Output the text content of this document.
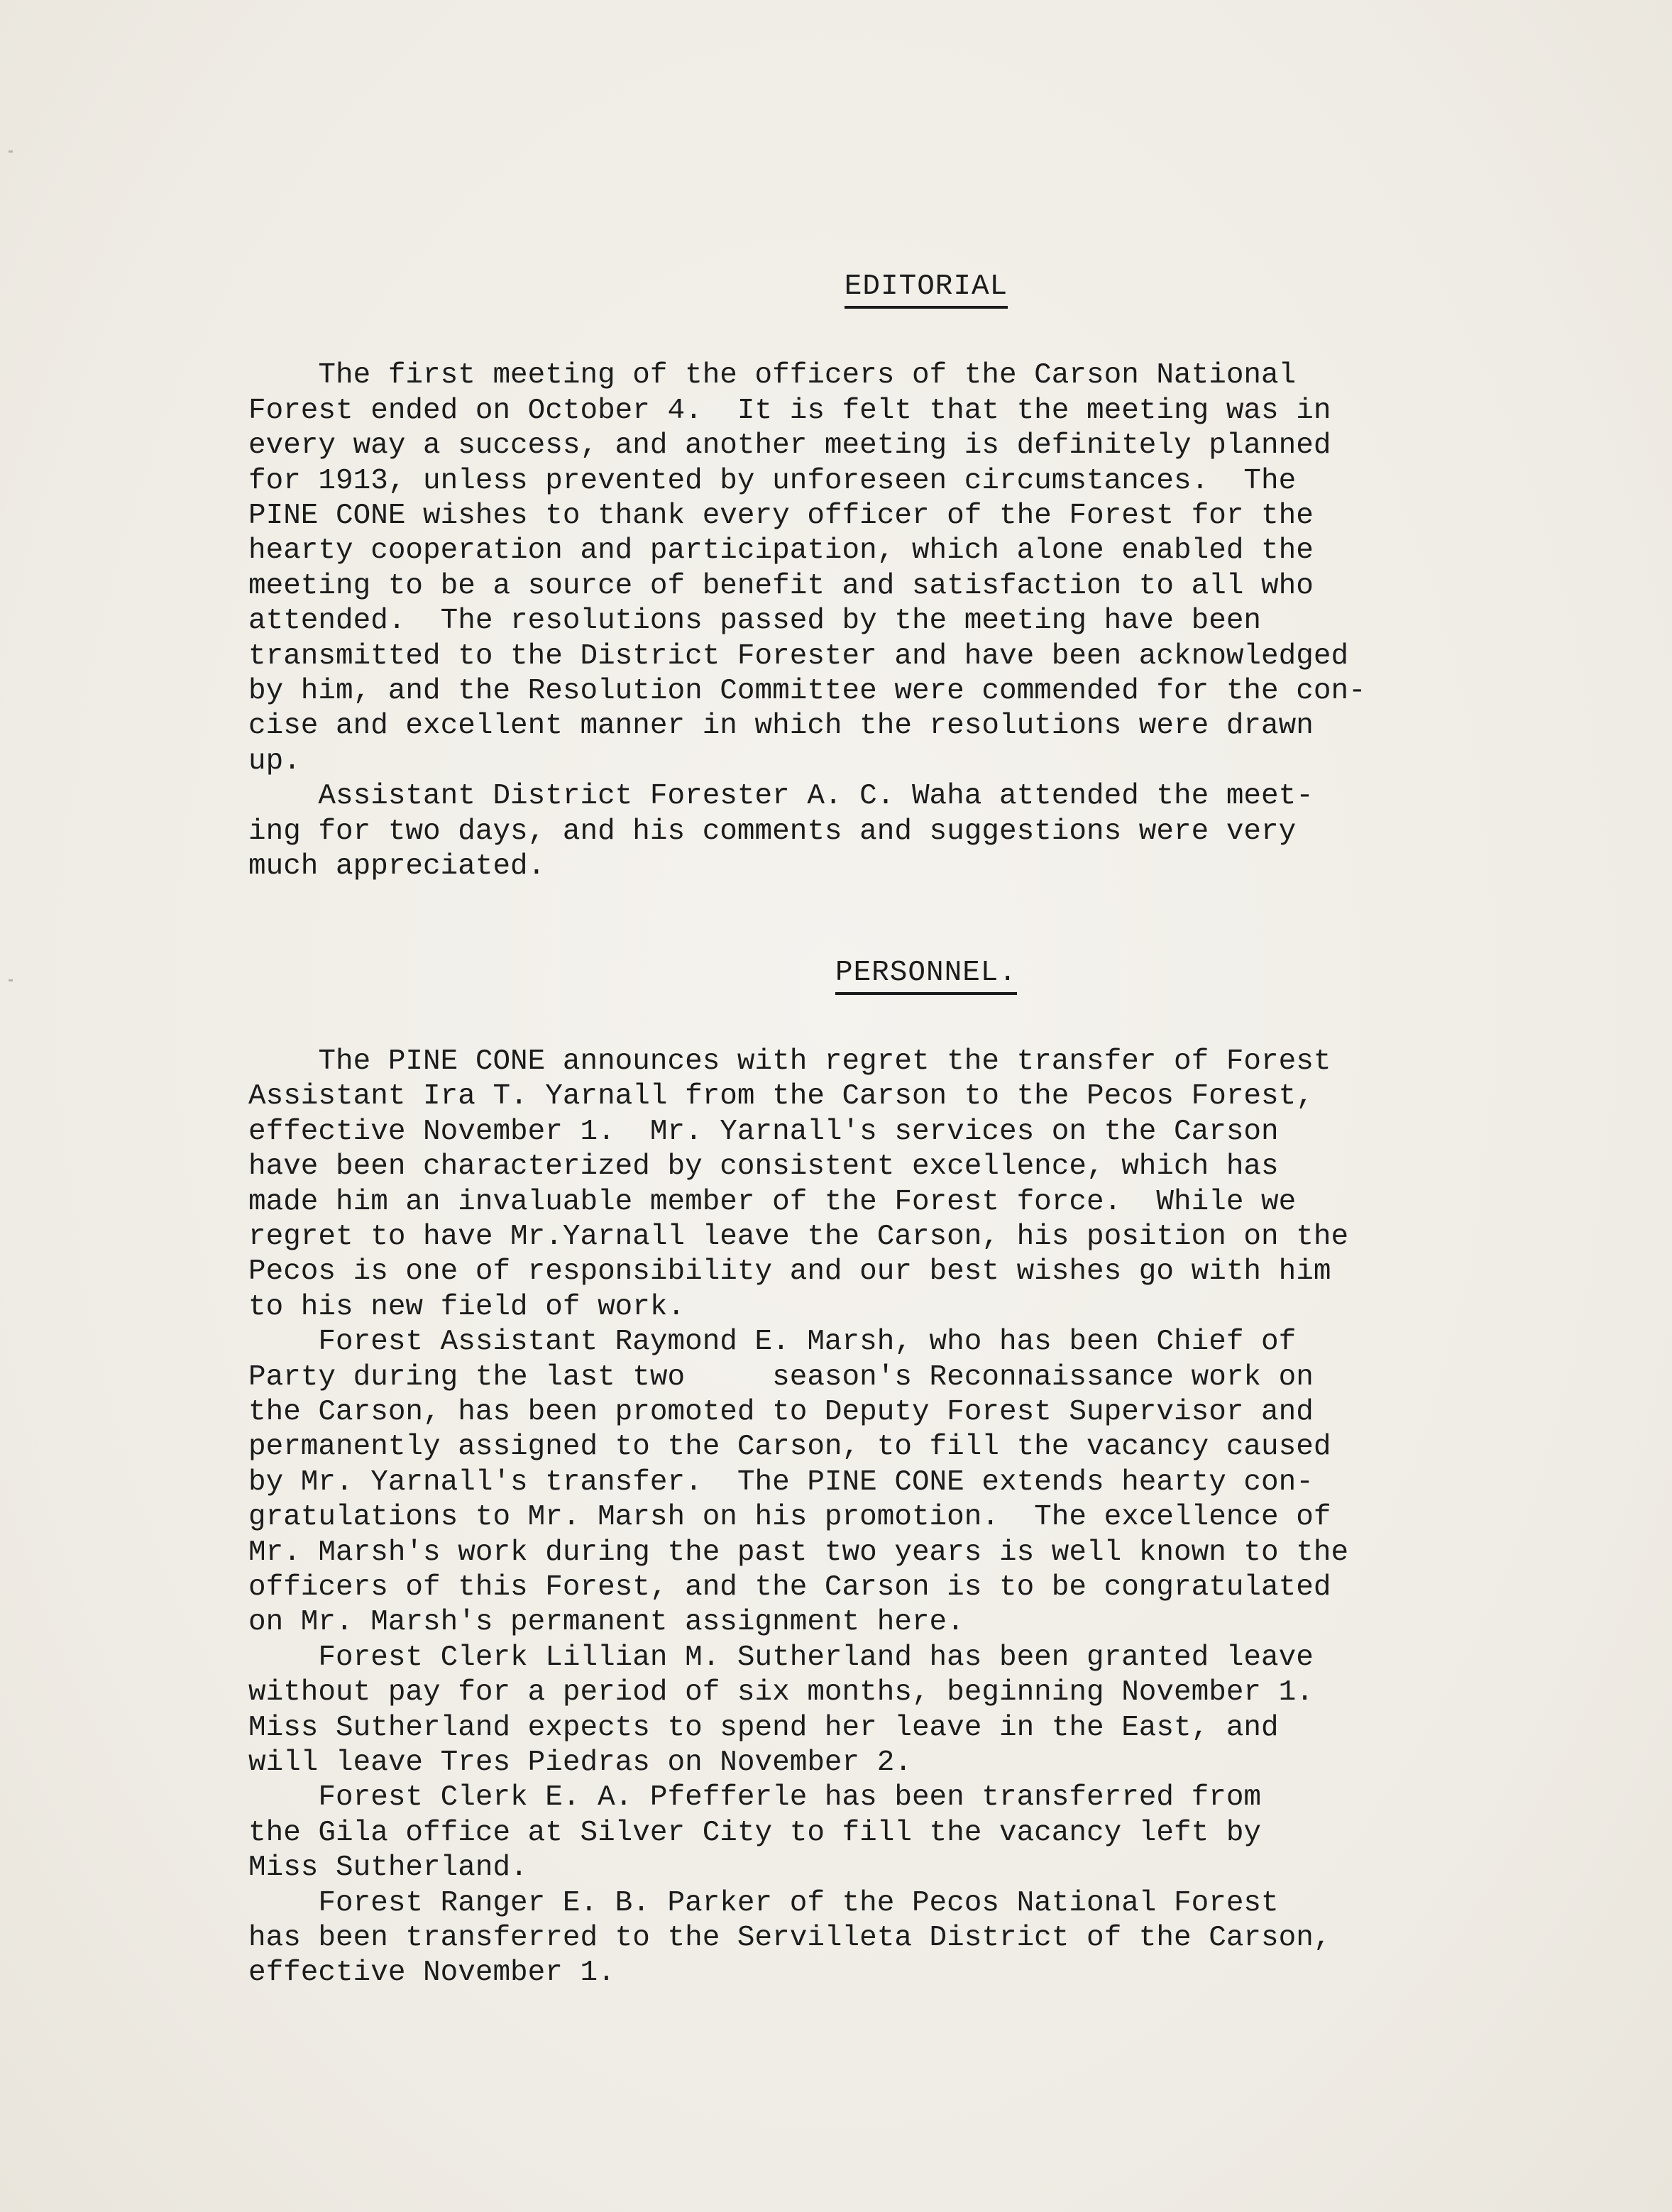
EDITORIAL

The first meeting of the officers of the Carson National
Forest ended on October 4.  It is felt that the meeting was in
every way a success, and another meeting is definitely planned
for 1913, unless prevented by unforeseen circumstances.  The
PINE CONE wishes to thank every officer of the Forest for the
hearty cooperation and participation, which alone enabled the
meeting to be a source of benefit and satisfaction to all who
attended.  The resolutions passed by the meeting have been
transmitted to the District Forester and have been acknowledged
by him, and the Resolution Committee were commended for the con-
cise and excellent manner in which the resolutions were drawn
up.

Assistant District Forester A. C. Waha attended the meet-
ing for two days, and his comments and suggestions were very
much appreciated.

PERSONNEL.

The PINE CONE announces with regret the transfer of Forest
Assistant Ira T. Yarnall from the Carson to the Pecos Forest,
effective November 1.  Mr. Yarnall's services on the Carson
have been characterized by consistent excellence, which has
made him an invaluable member of the Forest force.  While we
regret to have Mr.Yarnall leave the Carson, his position on the
Pecos is one of responsibility and our best wishes go with him
to his new field of work.

Forest Assistant Raymond E. Marsh, who has been Chief of
Party during the last two     season's Reconnaissance work on
the Carson, has been promoted to Deputy Forest Supervisor and
permanently assigned to the Carson, to fill the vacancy caused
by Mr. Yarnall's transfer.  The PINE CONE extends hearty con-
gratulations to Mr. Marsh on his promotion.  The excellence of
Mr. Marsh's work during the past two years is well known to the
officers of this Forest, and the Carson is to be congratulated
on Mr. Marsh's permanent assignment here.

Forest Clerk Lillian M. Sutherland has been granted leave
without pay for a period of six months, beginning November 1.
Miss Sutherland expects to spend her leave in the East, and
will leave Tres Piedras on November 2.

Forest Clerk E. A. Pfefferle has been transferred from
the Gila office at Silver City to fill the vacancy left by
Miss Sutherland.

Forest Ranger E. B. Parker of the Pecos National Forest
has been transferred to the Servilleta District of the Carson,
effective November 1.
